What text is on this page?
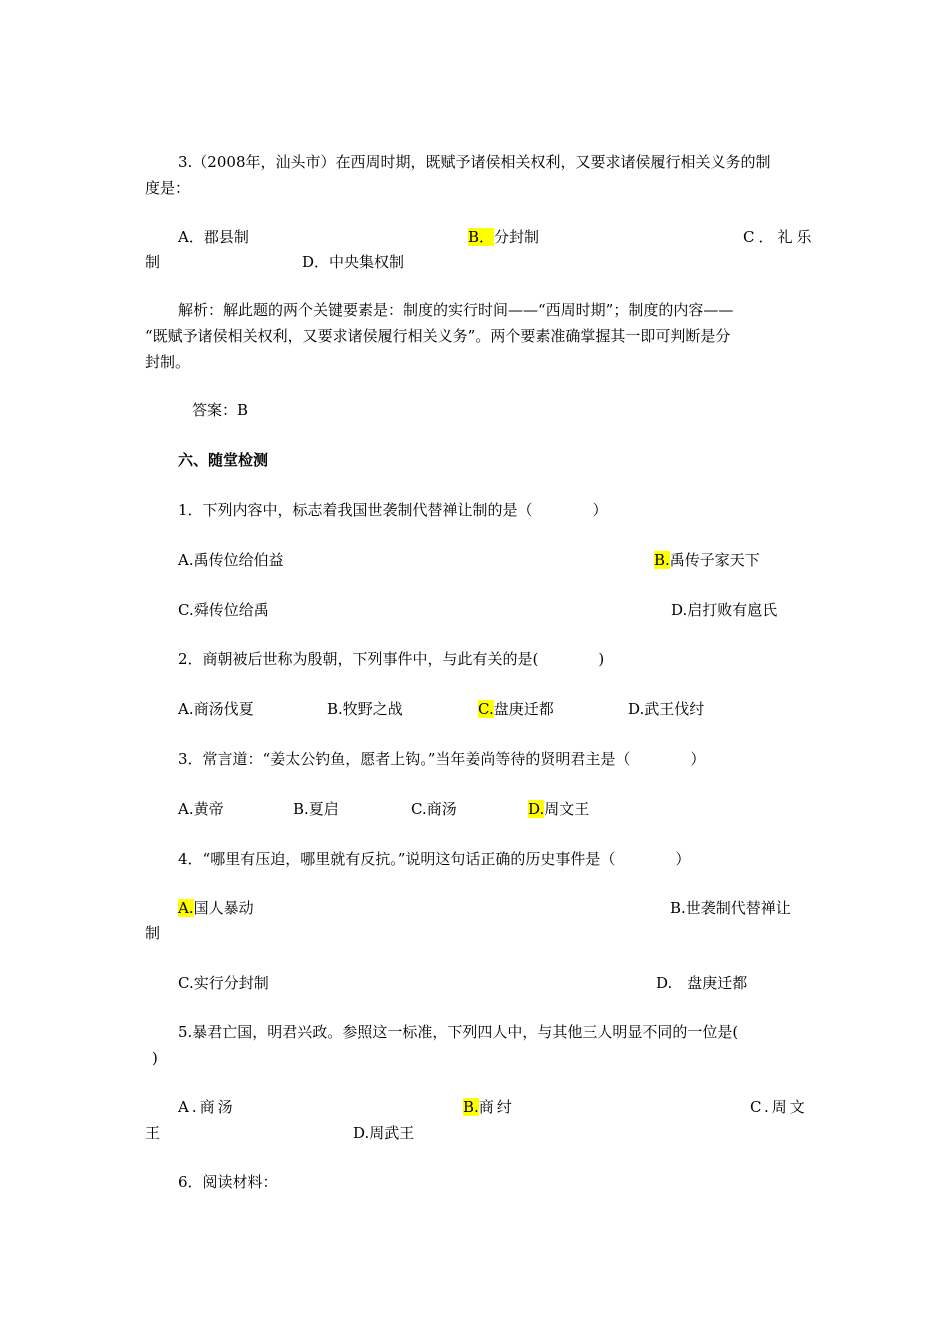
3.（2008年，汕头市）在西周时期，既赋予诸侯相关权利，又要求诸侯履行相关义务的制
度是：
A．郡县制	B．分封制	C．礼乐
制	D．中央集权制
解析：解此题的两个关键要素是：制度的实行时间——“西周时期”；制度的内容——
“既赋予诸侯相关权利，又要求诸侯履行相关义务”。两个要素准确掌握其一即可判断是分
封制。
答案：B
六、随堂检测
1．下列内容中，标志着我国世袭制代替禅让制的是（　　　　）
A.禹传位给伯益	B.禹传子家天下
C.舜传位给禹	D.启打败有扈氏
2．商朝被后世称为殷朝，下列事件中，与此有关的是(　　　　)
A.商汤伐夏	B.牧野之战	C.盘庚迁都	D.武王伐纣
3．常言道：“姜太公钓鱼，愿者上钩。”当年姜尚等待的贤明君主是（　　　　）
A.黄帝	B.夏启	C.商汤	D.周文王
4．“哪里有压迫，哪里就有反抗。”说明这句话正确的历史事件是（　　　　）
A.国人暴动	B.世袭制代替禅让
制
C.实行分封制	D.　盘庚迁都
5.暴君亡国，明君兴政。参照这一标准，下列四人中，与其他三人明显不同的一位是(
)
A.商汤	B.商纣	C.周文
王	D.周武王
6．阅读材料：
